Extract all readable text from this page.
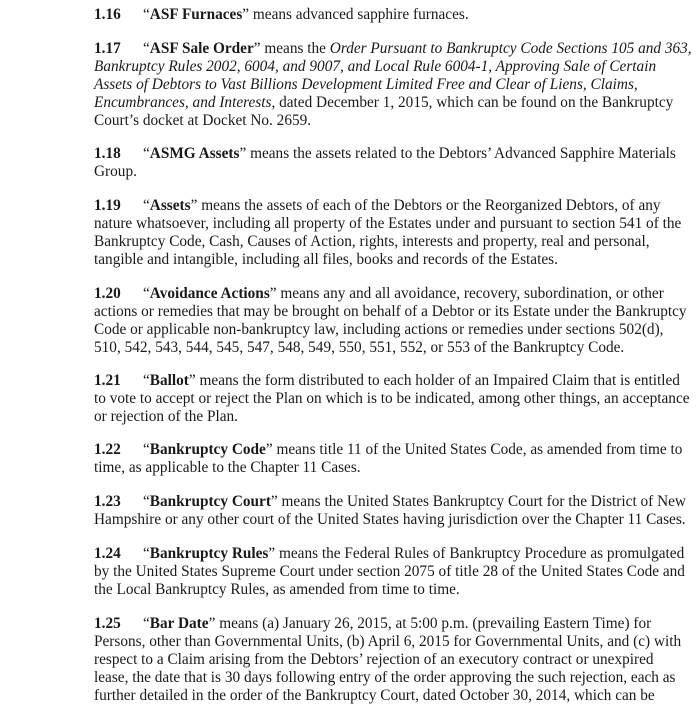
1.16 “ASF Furnaces” means advanced sapphire furnaces.
1.17 “ASF Sale Order” means the Order Pursuant to Bankruptcy Code Sections 105 and 363,
Bankruptcy Rules 2002, 6004, and 9007, and Local Rule 6004-1, Approving Sale of Certain
Assets of Debtors to Vast Billions Development Limited Free and Clear of Liens, Claims,
Encumbrances, and Interests, dated December 1, 2015, which can be found on the Bankruptcy
Court’s docket at Docket No. 2659.
1.18 “ASMG Assets” means the assets related to the Debtors’ Advanced Sapphire Materials
Group.
1.19 “Assets” means the assets of each of the Debtors or the Reorganized Debtors, of any
nature whatsoever, including all property of the Estates under and pursuant to section 541 of the
Bankruptcy Code, Cash, Causes of Action, rights, interests and property, real and personal,
tangible and intangible, including all files, books and records of the Estates.
1.20 “Avoidance Actions” means any and all avoidance, recovery, subordination, or other
actions or remedies that may be brought on behalf of a Debtor or its Estate under the Bankruptcy
Code or applicable non-bankruptcy law, including actions or remedies under sections 502(d),
510, 542, 543, 544, 545, 547, 548, 549, 550, 551, 552, or 553 of the Bankruptcy Code.
1.21 “Ballot” means the form distributed to each holder of an Impaired Claim that is entitled
to vote to accept or reject the Plan on which is to be indicated, among other things, an acceptance
or rejection of the Plan.
1.22 “Bankruptcy Code” means title 11 of the United States Code, as amended from time to
time, as applicable to the Chapter 11 Cases.
1.23 “Bankruptcy Court” means the United States Bankruptcy Court for the District of New
Hampshire or any other court of the United States having jurisdiction over the Chapter 11 Cases.
1.24 “Bankruptcy Rules” means the Federal Rules of Bankruptcy Procedure as promulgated
by the United States Supreme Court under section 2075 of title 28 of the United States Code and
the Local Bankruptcy Rules, as amended from time to time.
1.25 “Bar Date” means (a) January 26, 2015, at 5:00 p.m. (prevailing Eastern Time) for
Persons, other than Governmental Units, (b) April 6, 2015 for Governmental Units, and (c) with
respect to a Claim arising from the Debtors’ rejection of an executory contract or unexpired
lease, the date that is 30 days following entry of the order approving the such rejection, each as
further detailed in the order of the Bankruptcy Court, dated October 30, 2014, which can be
